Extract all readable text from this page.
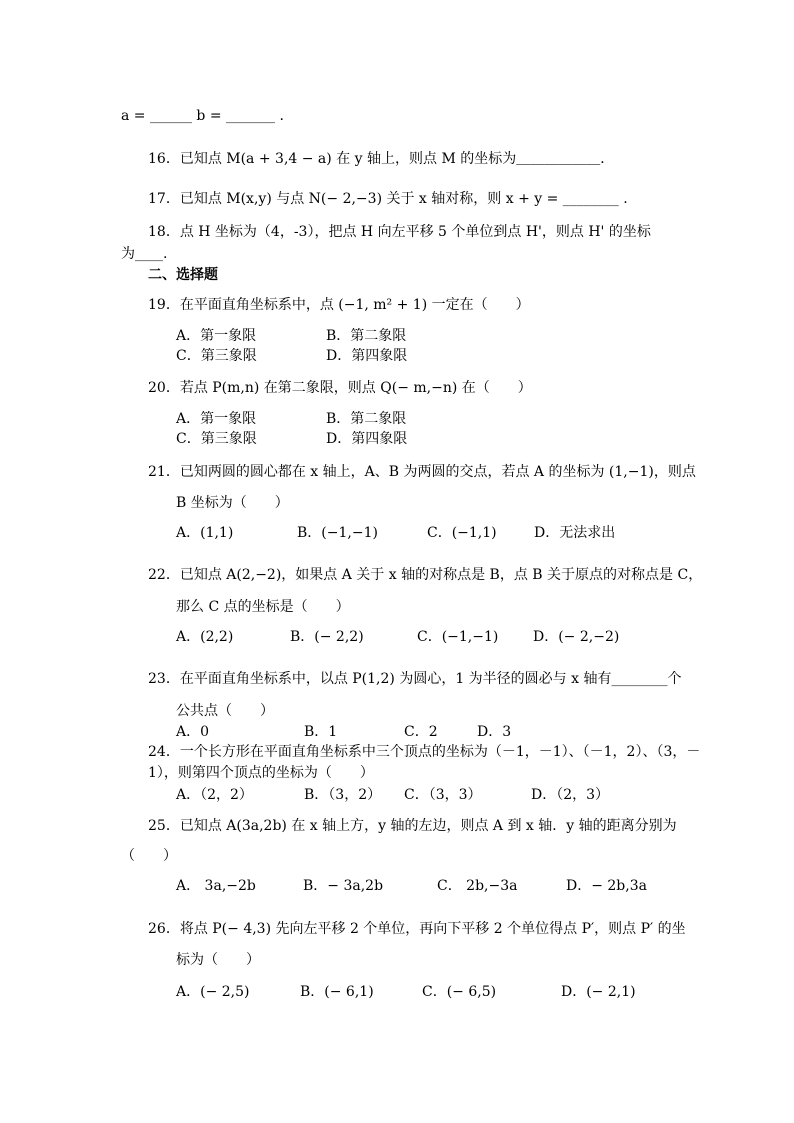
a = ______ b = _______ .
16．已知点 M(a + 3,4 − a) 在 y 轴上，则点 M 的坐标为＿＿＿＿＿＿．
17．已知点 M(x,y) 与点 N(− 2,−3) 关于 x 轴对称，则 x + y = ________ .
18．点 H 坐标为（4，-3），把点 H 向左平移 5 个单位到点 H'，则点 H' 的坐标
为____.
二、选择题
19．在平面直角坐标系中，点 (−1, m² + 1) 一定在（　　）
A．第一象限	B．第二象限
C．第三象限	D．第四象限
20．若点 P(m,n) 在第二象限，则点 Q(− m,−n) 在（　　）
A．第一象限	B．第二象限
C．第三象限	D．第四象限
21．已知两圆的圆心都在 x 轴上，A、B 为两圆的交点，若点 A 的坐标为 (1,−1)，则点
B 坐标为（　　）
A．(1,1)	B．(−1,−1)	C．(−1,1)	D．无法求出
22．已知点 A(2,−2)，如果点 A 关于 x 轴的对称点是 B，点 B 关于原点的对称点是 C，
那么 C 点的坐标是（　　）
A．(2,2)	B．(− 2,2)	C．(−1,−1) D．(− 2,−2)
23．在平面直角坐标系中，以点 P(1,2) 为圆心，1 为半径的圆必与 x 轴有________个
公共点（　　）
A．0	B．1	C．2	D．3
24．一个长方形在平面直角坐标系中三个顶点的坐标为（－1，－1）、（－1，2）、（3，－
1），则第四个顶点的坐标为（　　）
A．（2，2）	B．（3，2） C．（3，3）	D．（2，3）
25．已知点 A(3a,2b) 在 x 轴上方，y 轴的左边，则点 A 到 x 轴．y 轴的距离分别为
（　　）
A． 3a,−2b	B．− 3a,2b	C． 2b,−3a	D．− 2b,3a
26．将点 P(− 4,3) 先向左平移 2 个单位，再向下平移 2 个单位得点 P′，则点 P′ 的坐
标为（　　）
A．(− 2,5)	B．(− 6,1)	C．(− 6,5)	D．(− 2,1)
